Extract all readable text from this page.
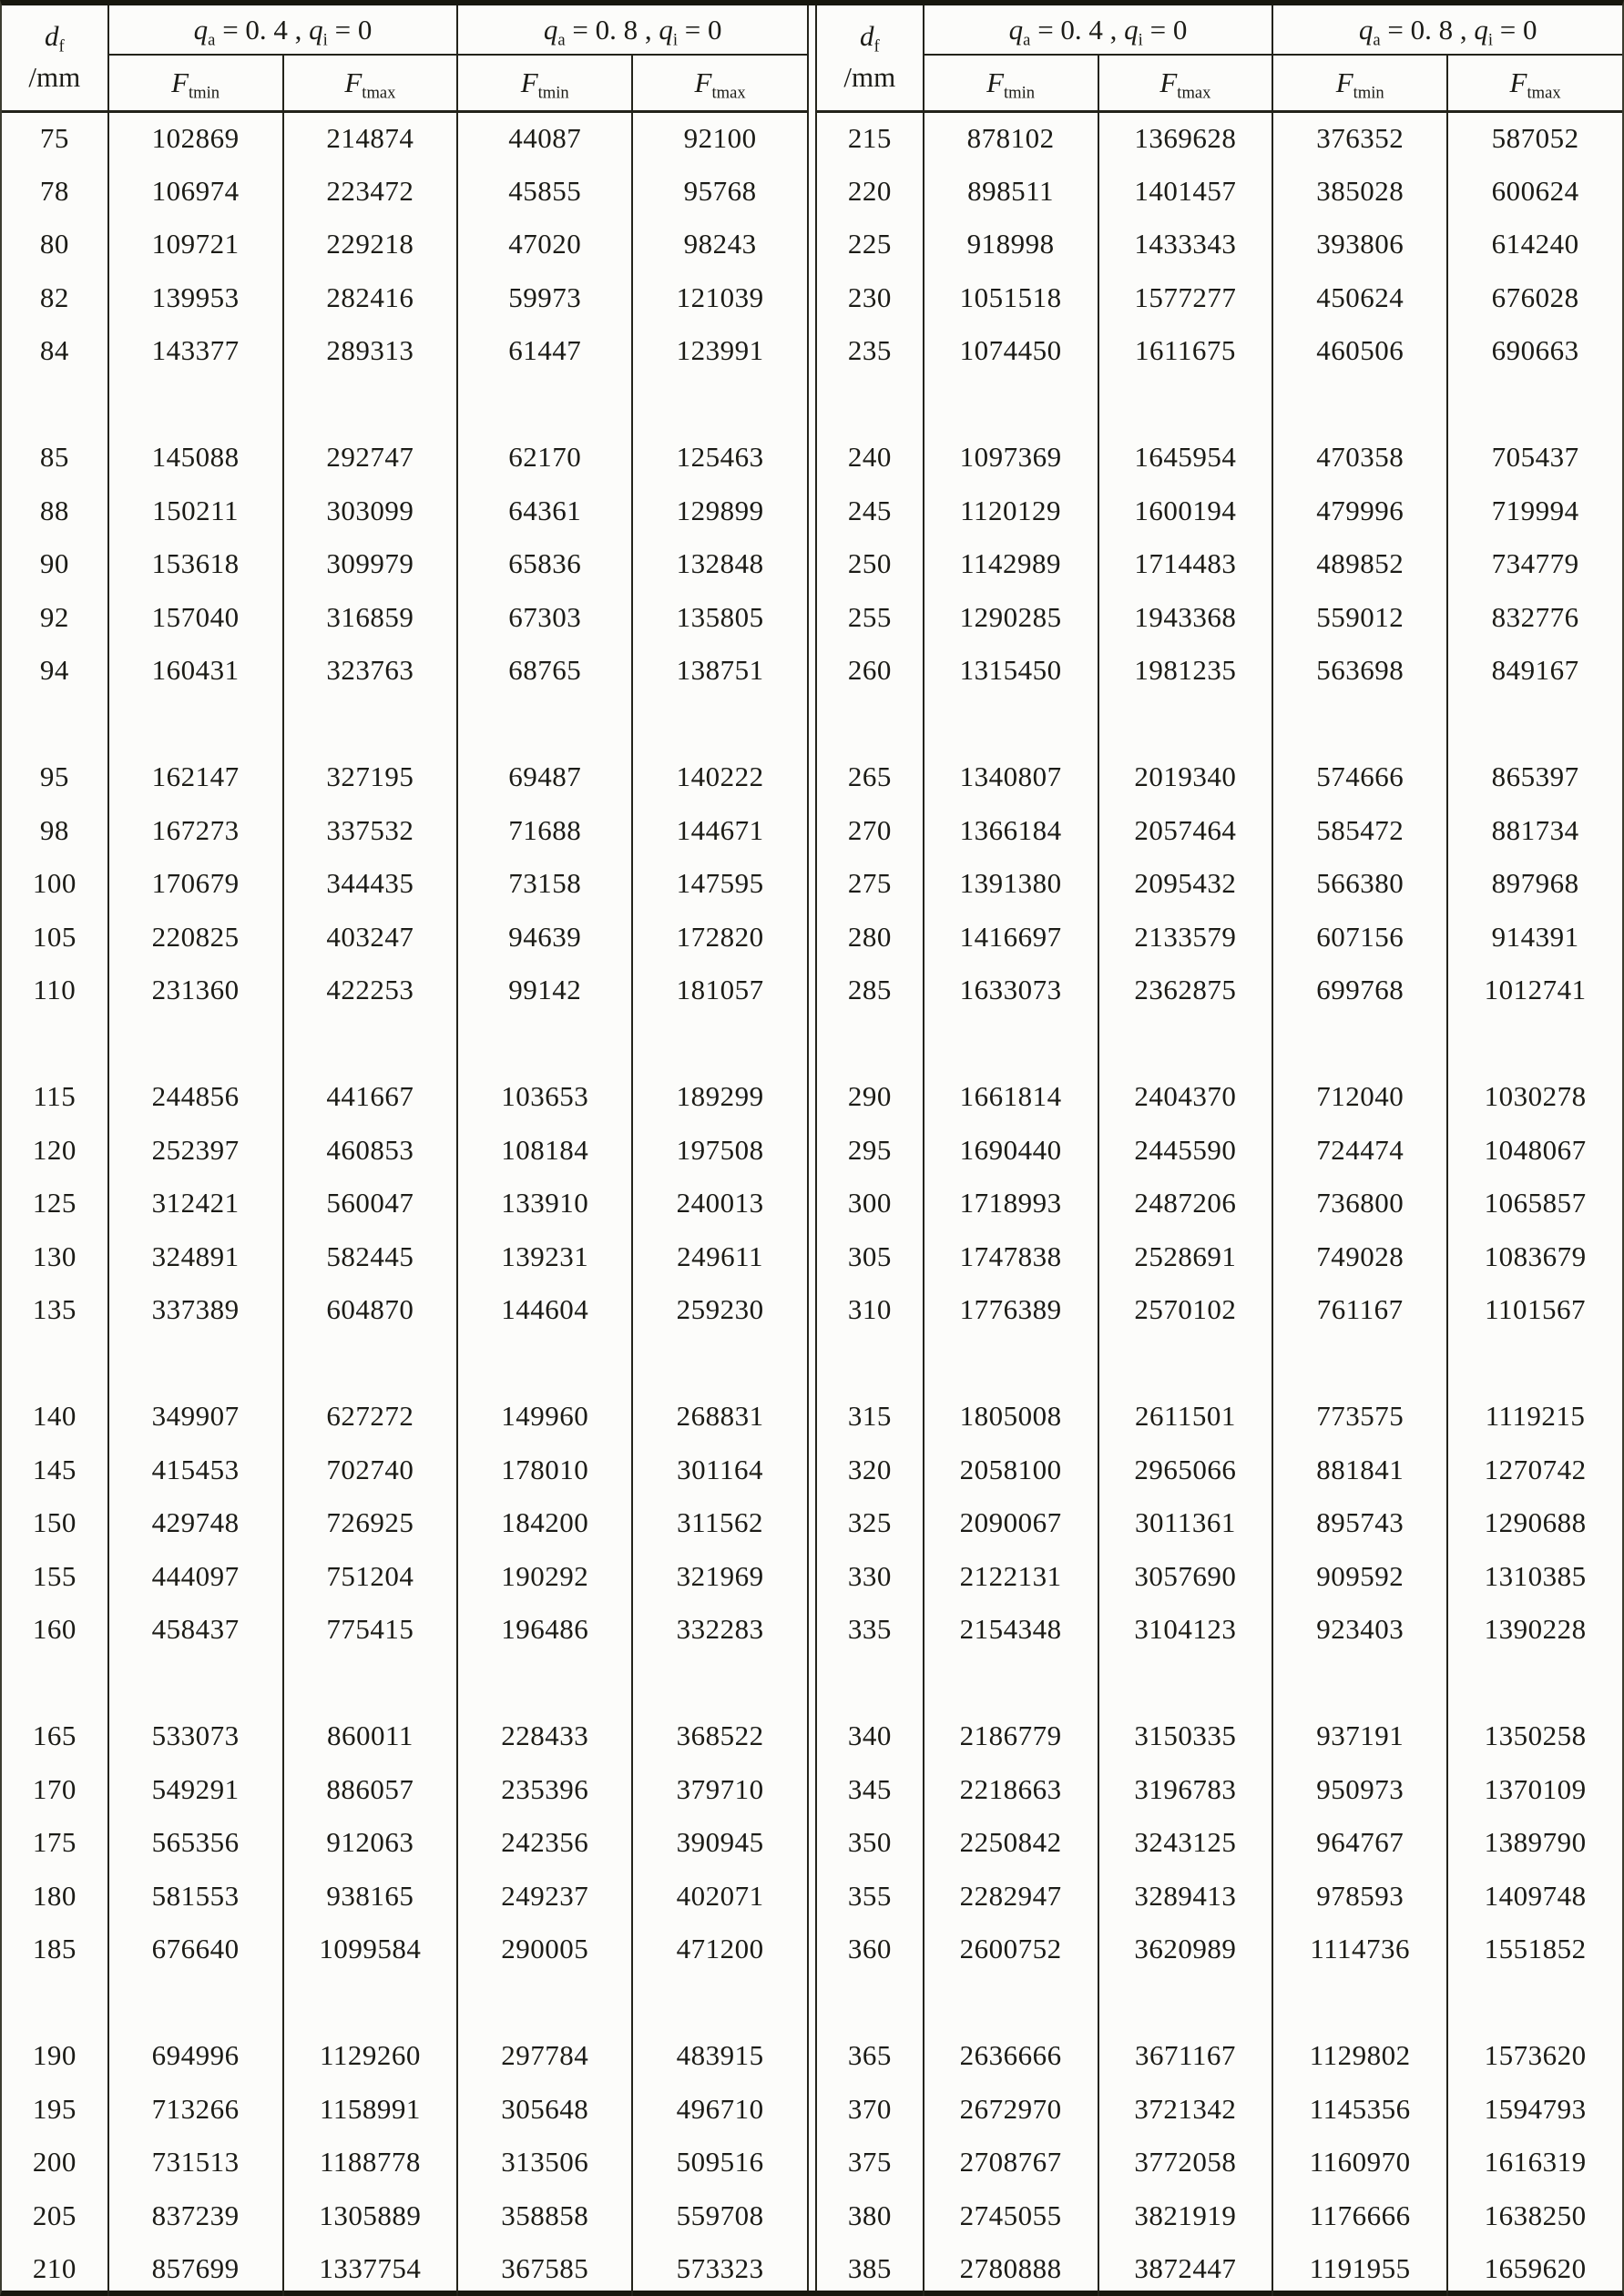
$d_f$
/mm	$q_a = 0$. 4 , $q_i = 0$		$q_a = 0$. 8 , $q_i = 0$	
	$F_{tmin}$	$F_{tmax}$	$F_{tmin}$	$F_{tmax}$
75	102869	214874	44087	92100
78	106974	223472	45855	95768
80	109721	229218	47020	98243
82	139953	282416	59973	121039
84	143377	289313	61447	123991

85	145088	292747	62170	125463
88	150211	303099	64361	129899
90	153618	309979	65836	132848
92	157040	316859	67303	135805
94	160431	323763	68765	138751

95	162147	327195	69487	140222
98	167273	337532	71688	144671
100	170679	344435	73158	147595
105	220825	403247	94639	172820
110	231360	422253	99142	181057

115	244856	441667	103653	189299
120	252397	460853	108184	197508
125	312421	560047	133910	240013
130	324891	582445	139231	249611
135	337389	604870	144604	259230

140	349907	627272	149960	268831
145	415453	702740	178010	301164
150	429748	726925	184200	311562
155	444097	751204	190292	321969
160	458437	775415	196486	332283

165	533073	860011	228433	368522
170	549291	886057	235396	379710
175	565356	912063	242356	390945
180	581553	938165	249237	402071
185	676640	1099584	290005	471200

190	694996	1129260	297784	483915
195	713266	1158991	305648	496710
200	731513	1188778	313506	509516
205	837239	1305889	358858	559708
210	857699	1337754	367585	573323
$d_f$
/mm	$q_a = 0$. 4 , $q_i = 0$		$q_a = 0$. 8 , $q_i = 0$	
	$F_{tmin}$	$F_{tmax}$	$F_{tmin}$	$F_{tmax}$
215	878102	1369628	376352	587052
220	898511	1401457	385028	600624
225	918998	1433343	393806	614240
230	1051518	1577277	450624	676028
235	1074450	1611675	460506	690663

240	1097369	1645954	470358	705437
245	1120129	1600194	479996	719994
250	1142989	1714483	489852	734779
255	1290285	1943368	559012	832776
260	1315450	1981235	563698	849167

265	1340807	2019340	574666	865397
270	1366184	2057464	585472	881734
275	1391380	2095432	566380	897968
280	1416697	2133579	607156	914391
285	1633073	2362875	699768	1012741

290	1661814	2404370	712040	1030278
295	1690440	2445590	724474	1048067
300	1718993	2487206	736800	1065857
305	1747838	2528691	749028	1083679
310	1776389	2570102	761167	1101567

315	1805008	2611501	773575	1119215
320	2058100	2965066	881841	1270742
325	2090067	3011361	895743	1290688
330	2122131	3057690	909592	1310385
335	2154348	3104123	923403	1390228

340	2186779	3150335	937191	1350258
345	2218663	3196783	950973	1370109
350	2250842	3243125	964767	1389790
355	2282947	3289413	978593	1409748
360	2600752	3620989	1114736	1551852

365	2636666	3671167	1129802	1573620
370	2672970	3721342	1145356	1594793
375	2708767	3772058	1160970	1616319
380	2745055	3821919	1176666	1638250
385	2780888	3872447	1191955	1659620
